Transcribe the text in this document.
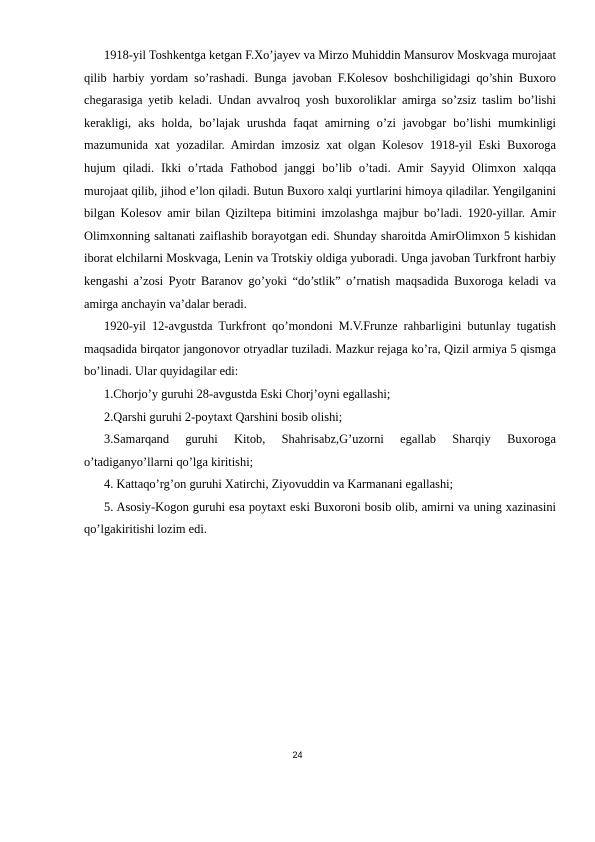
1918-yil Toshkentga ketgan F.Xo’jayev va Mirzo Muhiddin Mansurov Moskvaga murojaat qilib harbiy yordam so’rashadi. Bunga javoban F.Kolesov boshchiligidagi qo’shin Buxoro chegarasiga yetib keladi. Undan avvalroq yosh buxoroliklar amirga so’zsiz taslim bo’lishi kerakligi, aks holda, bo’lajak urushda faqat amirning o’zi javobgar bo’lishi mumkinligi mazumunida xat yozadilar. Amirdan imzosiz xat olgan Kolesov 1918-yil Eski Buxoroga hujum qiladi. Ikki o’rtada Fathobod janggi bo’lib o’tadi. Amir Sayyid Olimxon xalqqa murojaat qilib, jihod e’lon qiladi. Butun Buxoro xalqi yurtlarini himoya qiladilar. Yengilganini bilgan Kolesov amir bilan Qiziltepa bitimini imzolashga majbur bo’ladi. 1920-yillar. Amir Olimxonning saltanati zaiflashib borayotgan edi. Shunday sharoitda AmirOlimxon 5 kishidan iborat elchilarni Moskvaga, Lenin va Trotskiy oldiga yuboradi. Unga javoban Turkfront harbiy kengashi a’zosi Pyotr Baranov go’yoki “do’stlik” o’rnatish maqsadida Buxoroga keladi va amirga anchayin va’dalar beradi.

1920-yil 12-avgustda Turkfront qo’mondoni M.V.Frunze rahbarligini butunlay tugatish maqsadida birqator jangonovor otryadlar tuziladi. Mazkur rejaga ko’ra, Qizil armiya 5 qismga bo’linadi. Ular quyidagilar edi:

1.Chorjo’y guruhi 28-avgustda Eski Chorj’oyni egallashi;

2.Qarshi guruhi 2-poytaxt Qarshini bosib olishi;

3.Samarqand guruhi Kitob, Shahrisabz,G’uzorni egallab Sharqiy Buxoroga o’tadiganyo’llarni qo’lga kiritishi;

4. Kattaqo’rg’on guruhi Xatirchi, Ziyovuddin va Karmanani egallashi;

5. Asosiy-Kogon guruhi esa poytaxt eski Buxoroni bosib olib, amirni va uning xazinasini qo’lgakiritishi lozim edi.

24
